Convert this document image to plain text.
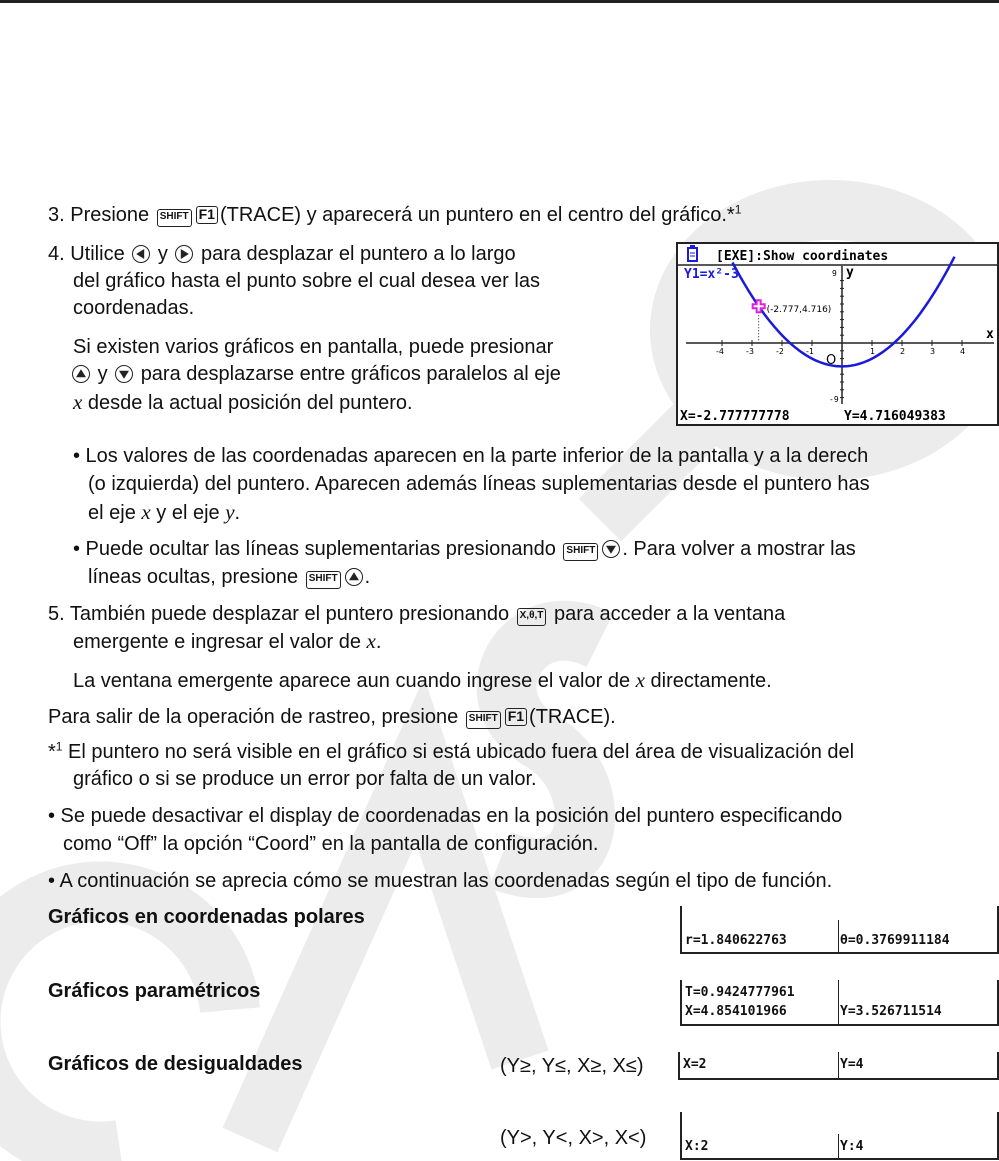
3. Presione SHIFT F1 (TRACE) y aparecerá un puntero en el centro del gráfico.*$^1$
4. Utilice y para desplazar el puntero a lo largo
del gráfico hasta el punto sobre el cual desea ver las
coordenadas.
Si existen varios gráficos en pantalla, puede presionar
y para desplazarse entre gráficos paralelos al eje
x desde la actual posición del puntero.
[EXE]:Show coordinates
-4	-3	-2	-1	1	2	3	4
x
y
9
-9
O
(-2.777,4.716)
Y1=x²-3
X=-2.777777778	Y=4.716049383
• Los valores de las coordenadas aparecen en la parte inferior de la pantalla y a la derech
(o izquierda) del puntero. Aparecen además líneas suplementarias desde el puntero has
el eje x y el eje y.
• Puede ocultar las líneas suplementarias presionando SHIFT . Para volver a mostrar las
líneas ocultas, presione SHIFT .
5. También puede desplazar el puntero presionando X,θ,T para acceder a la ventana
emergente e ingresar el valor de x.
La ventana emergente aparece aun cuando ingrese el valor de x directamente.
Para salir de la operación de rastreo, presione SHIFT F1 (TRACE).
*$^1$ El puntero no será visible en el gráfico si está ubicado fuera del área de visualización del
gráfico o si se produce un error por falta de un valor.
• Se puede desactivar el display de coordenadas en la posición del puntero especificando
como “Off” la opción “Coord” en la pantalla de configuración.
• A continuación se aprecia cómo se muestran las coordenadas según el tipo de función.
Gráficos en coordenadas polares
r=1.840622763	θ=0.3769911184
Gráficos paramétricos	T=0.9424777961
X=4.854101966	Y=3.526711514
Gráficos de desigualdades	(Y≥, Y≤, X≥, X≤)	X=2	Y=4
(Y>, Y<, X>, X<)	X:2	Y:4
